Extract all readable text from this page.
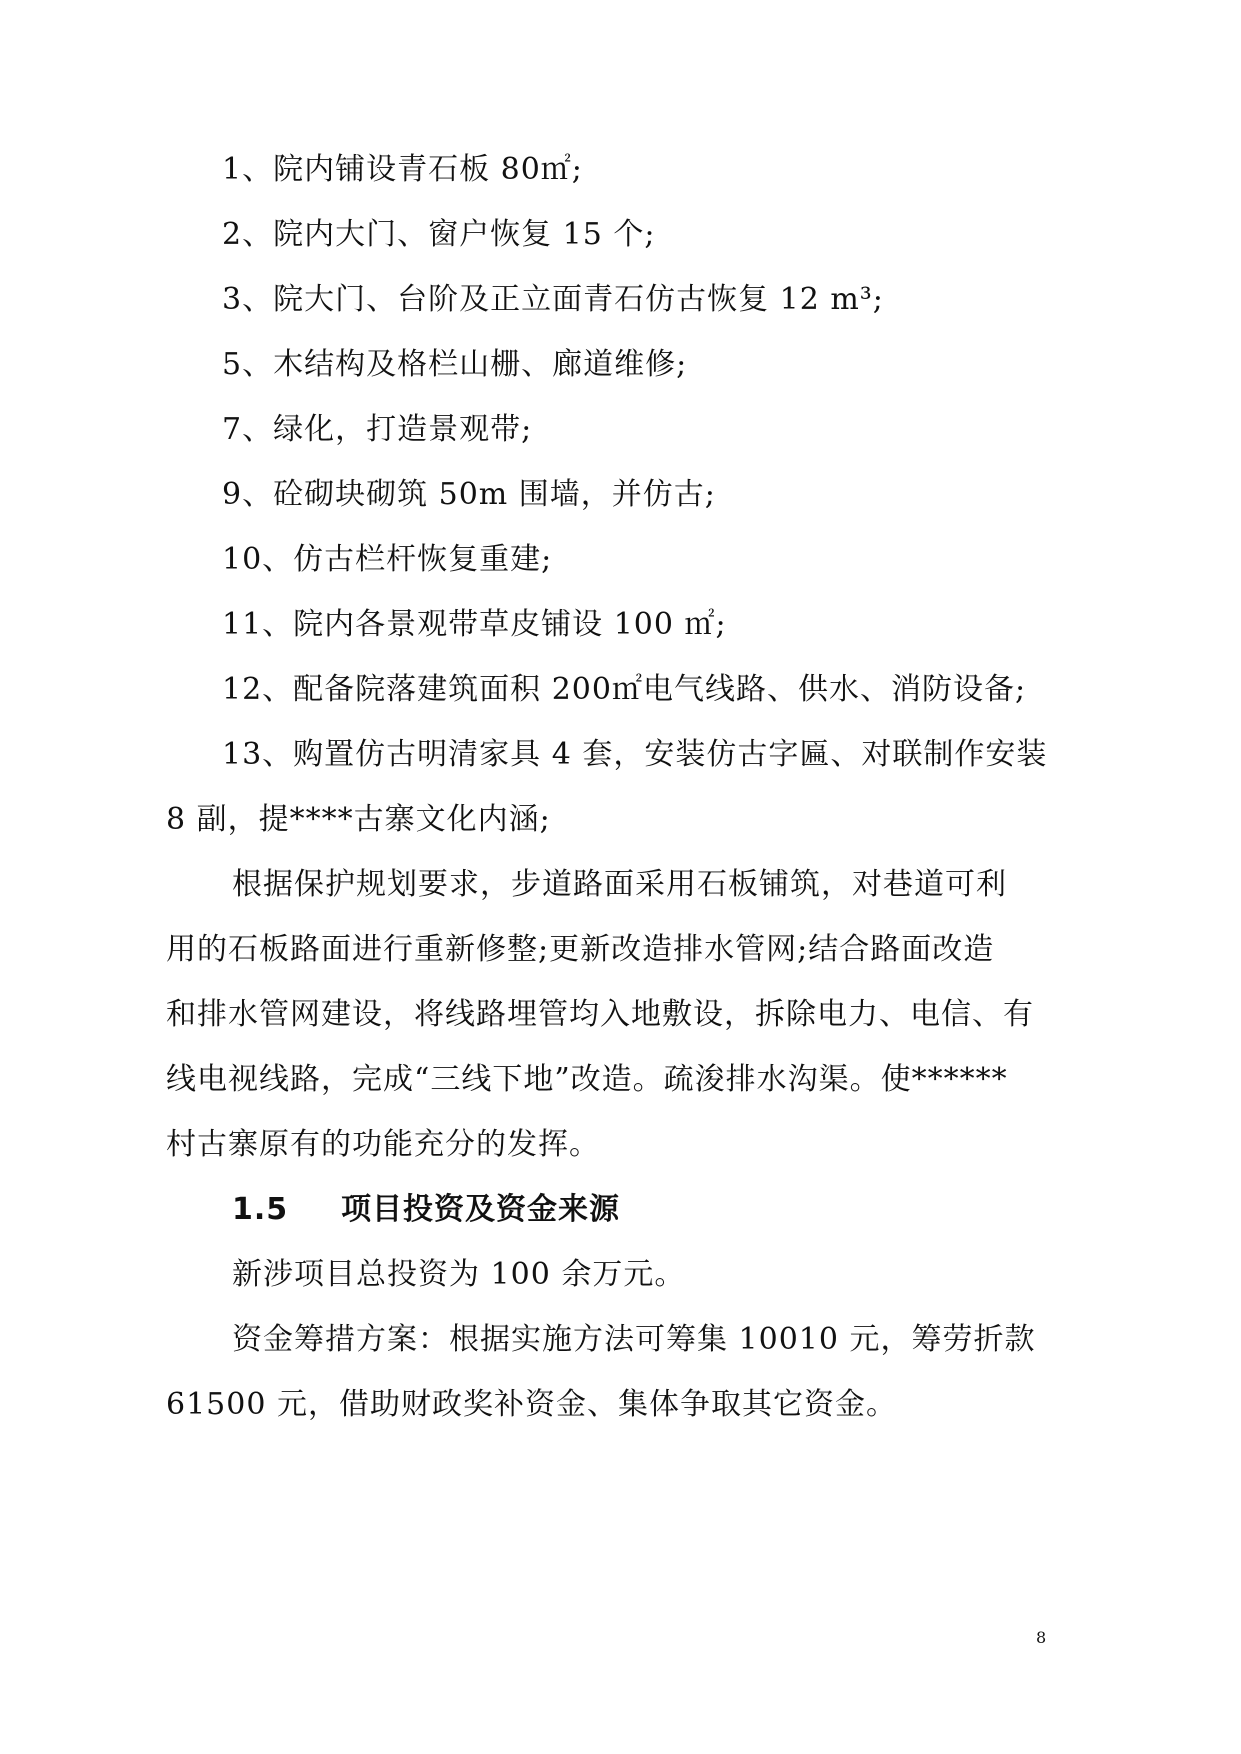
1、院内铺设青石板 80㎡;
2、院内大门、窗户恢复 15 个;
3、院大门、台阶及正立面青石仿古恢复 12 m³;
5、木结构及格栏山栅、廊道维修;
7、绿化，打造景观带;
9、砼砌块砌筑 50m 围墙，并仿古;
10、仿古栏杆恢复重建;
11、院内各景观带草皮铺设 100 ㎡;
12、配备院落建筑面积 200㎡电气线路、供水、消防设备;
13、购置仿古明清家具 4 套，安装仿古字匾、对联制作安装
8 副，提****古寨文化内涵;
根据保护规划要求，步道路面采用石板铺筑，对巷道可利
用的石板路面进行重新修整;更新改造排水管网;结合路面改造
和排水管网建设，将线路埋管均入地敷设，拆除电力、电信、有
线电视线路，完成“三线下地”改造。疏浚排水沟渠。使******
村古寨原有的功能充分的发挥。
1.5 项目投资及资金来源
新涉项目总投资为 100 余万元。
资金筹措方案：根据实施方法可筹集 10010 元，筹劳折款
61500 元，借助财政奖补资金、集体争取其它资金。
8
